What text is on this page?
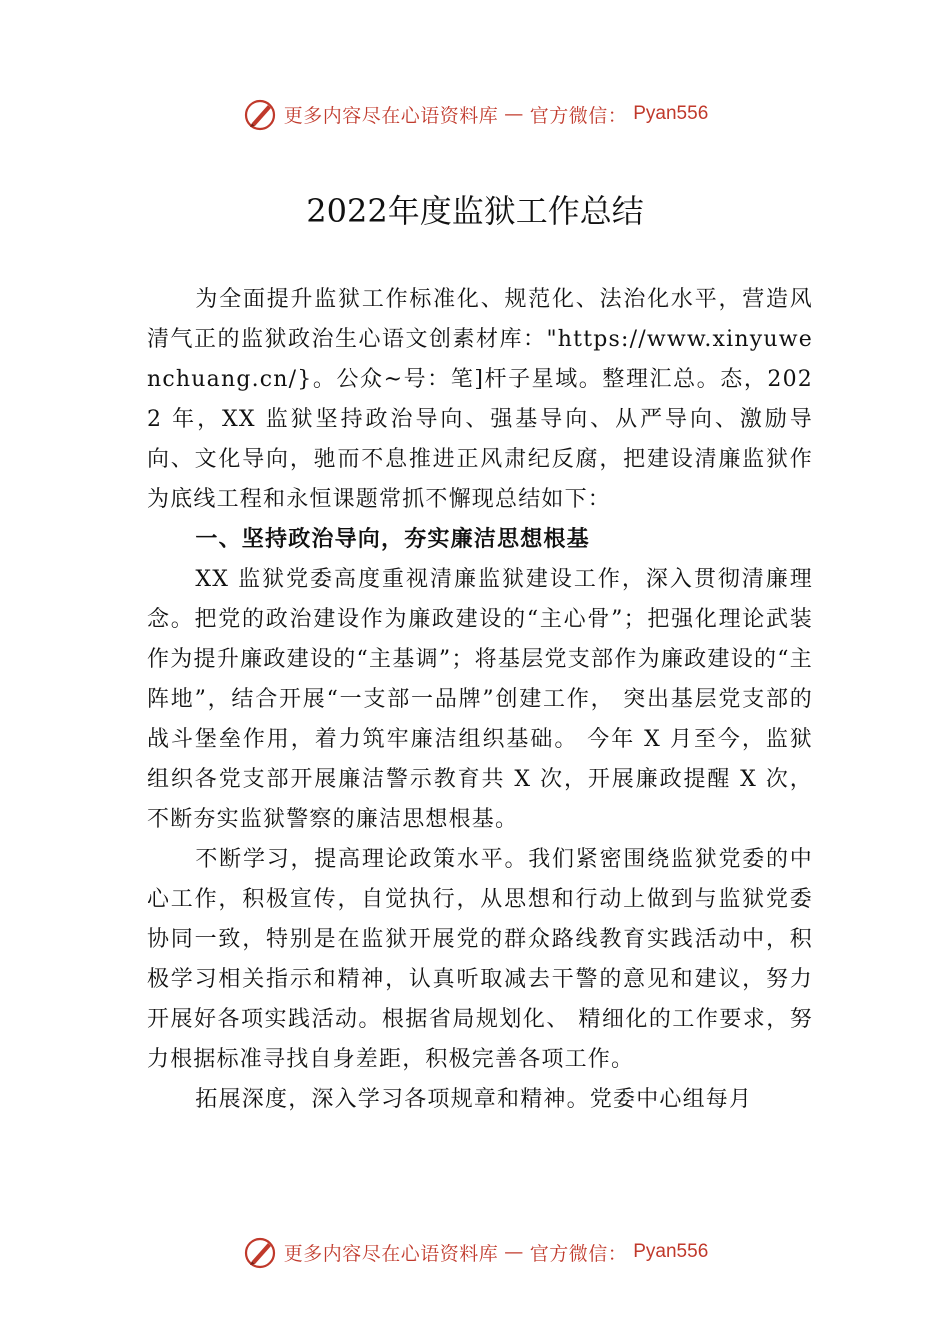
更多内容尽在心语资料库 — 官方微信： Pyan556
2022年度监狱工作总结

为全面提升监狱工作标准化、规范化、法治化水平，营造风清气正的监狱政治生心语文创素材库："https://www.xinyuwenchuang.cn/}。公众~号：笔]杆子星域。整理汇总。态，2022 年，XX 监狱坚持政治导向、强基导向、从严导向、激励导向、文化导向，驰而不息推进正风肃纪反腐，把建设清廉监狱作为底线工程和永恒课题常抓不懈现总结如下：

一、坚持政治导向，夯实廉洁思想根基

XX 监狱党委高度重视清廉监狱建设工作，深入贯彻清廉理念。把党的政治建设作为廉政建设的“主心骨”；把强化理论武装作为提升廉政建设的“主基调”；将基层党支部作为廉政建设的“主阵地”，结合开展“一支部一品牌”创建工作， 突出基层党支部的战斗堡垒作用，着力筑牢廉洁组织基础。 今年 X 月至今，监狱组织各党支部开展廉洁警示教育共 X 次，开展廉政提醒 X 次，不断夯实监狱警察的廉洁思想根基。

不断学习，提高理论政策水平。我们紧密围绕监狱党委的中心工作，积极宣传，自觉执行，从思想和行动上做到与监狱党委协同一致，特别是在监狱开展党的群众路线教育实践活动中，积极学习相关指示和精神，认真听取减去干警的意见和建议，努力开展好各项实践活动。根据省局规划化、 精细化的工作要求，努力根据标准寻找自身差距，积极完善各项工作。

拓展深度，深入学习各项规章和精神。党委中心组每月

更多内容尽在心语资料库 — 官方微信： Pyan556
